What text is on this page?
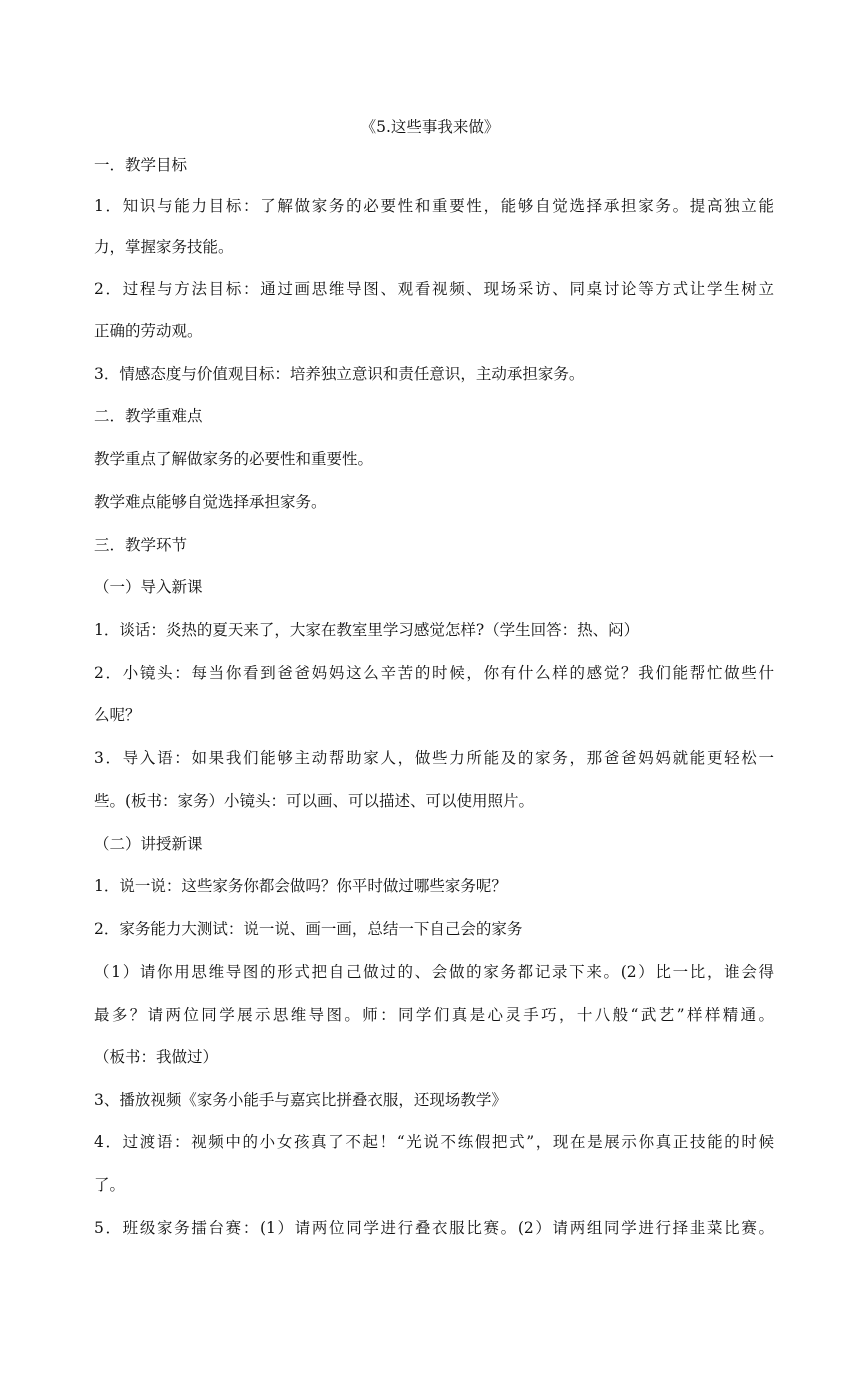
《5.这些事我来做》
一．教学目标
1．知识与能力目标：了解做家务的必要性和重要性，能够自觉选择承担家务。提高独立能
力，掌握家务技能。
2．过程与方法目标：通过画思维导图、观看视频、现场采访、同桌讨论等方式让学生树立
正确的劳动观。
3．情感态度与价值观目标：培养独立意识和责任意识，主动承担家务。
二．教学重难点
教学重点了解做家务的必要性和重要性。
教学难点能够自觉选择承担家务。
三．教学环节
（一）导入新课
1．谈话：炎热的夏天来了，大家在教室里学习感觉怎样?（学生回答：热、闷）
2．小镜头：每当你看到爸爸妈妈这么辛苦的时候，你有什么样的感觉？我们能帮忙做些什
么呢？
3．导入语：如果我们能够主动帮助家人，做些力所能及的家务，那爸爸妈妈就能更轻松一
些。(板书：家务）小镜头：可以画、可以描述、可以使用照片。
（二）讲授新课
1．说一说：这些家务你都会做吗？你平时做过哪些家务呢？
2．家务能力大测试：说一说、画一画，总结一下自己会的家务
（1）请你用思维导图的形式把自己做过的、会做的家务都记录下来。(2）比一比，谁会得
最多？请两位同学展示思维导图。师：同学们真是心灵手巧，十八般“武艺”样样精通。
（板书：我做过）
3、播放视频《家务小能手与嘉宾比拼叠衣服，还现场教学》
4．过渡语：视频中的小女孩真了不起！“光说不练假把式”，现在是展示你真正技能的时候
了。
5．班级家务擂台赛：(1）请两位同学进行叠衣服比赛。(2）请两组同学进行择韭菜比赛。
